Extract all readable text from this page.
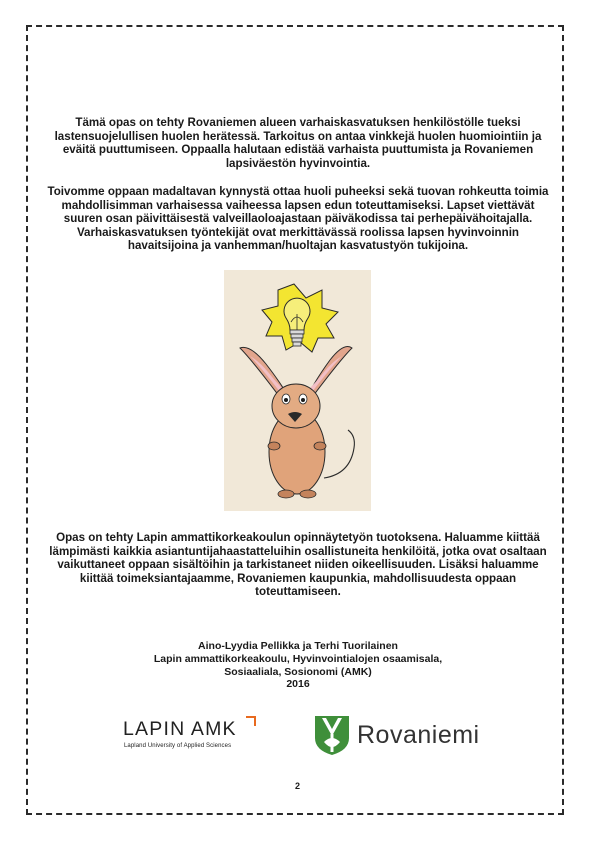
Tämä opas on tehty Rovaniemen alueen varhaiskasvatuksen henkilöstölle tueksi lastensuojelullisen huolen herätessä. Tarkoitus on antaa vinkkejä huolen huomiointiin ja eväitä puuttumiseen. Oppaalla halutaan edistää varhaista puuttumista ja Rovaniemen lapsiväestön hyvinvointia.

Toivomme oppaan madaltavan kynnystä ottaa huoli puheeksi sekä tuovan rohkeutta toimia mahdollisimman varhaisessa vaiheessa lapsen edun toteuttamiseksi. Lapset viettävät suuren osan päivittäisestä valveillaoloajastaan päiväkodissa tai perhepäivähoitajalla. Varhaiskasvatuksen työntekijät ovat merkittävässä roolissa lapsen hyvinvoinnin havaitsijoina ja vanhemman/huoltajan kasvatustyön tukijoina.

Opas on tehty Lapin ammattikorkeakoulun opinnäytetyön tuotoksena. Haluamme kiittää lämpimästi kaikkia asiantuntijahaastatteluihin osallistuneita henkilöitä, jotka ovat osaltaan vaikuttaneet oppaan sisältöihin ja tarkistaneet niiden oikeellisuuden. Lisäksi haluamme kiittää toimeksiantajaamme, Rovaniemen kaupunkia, mahdollisuudesta oppaan toteuttamiseen.

Aino-Lyydia Pellikka ja Terhi Tuorilainen
Lapin ammattikorkeakoulu, Hyvinvointialojen osaamisala,
Sosiaaliala, Sosionomi (AMK)
2016

LAPIN AMK
Lapland University of Applied Sciences	Rovaniemi
2
